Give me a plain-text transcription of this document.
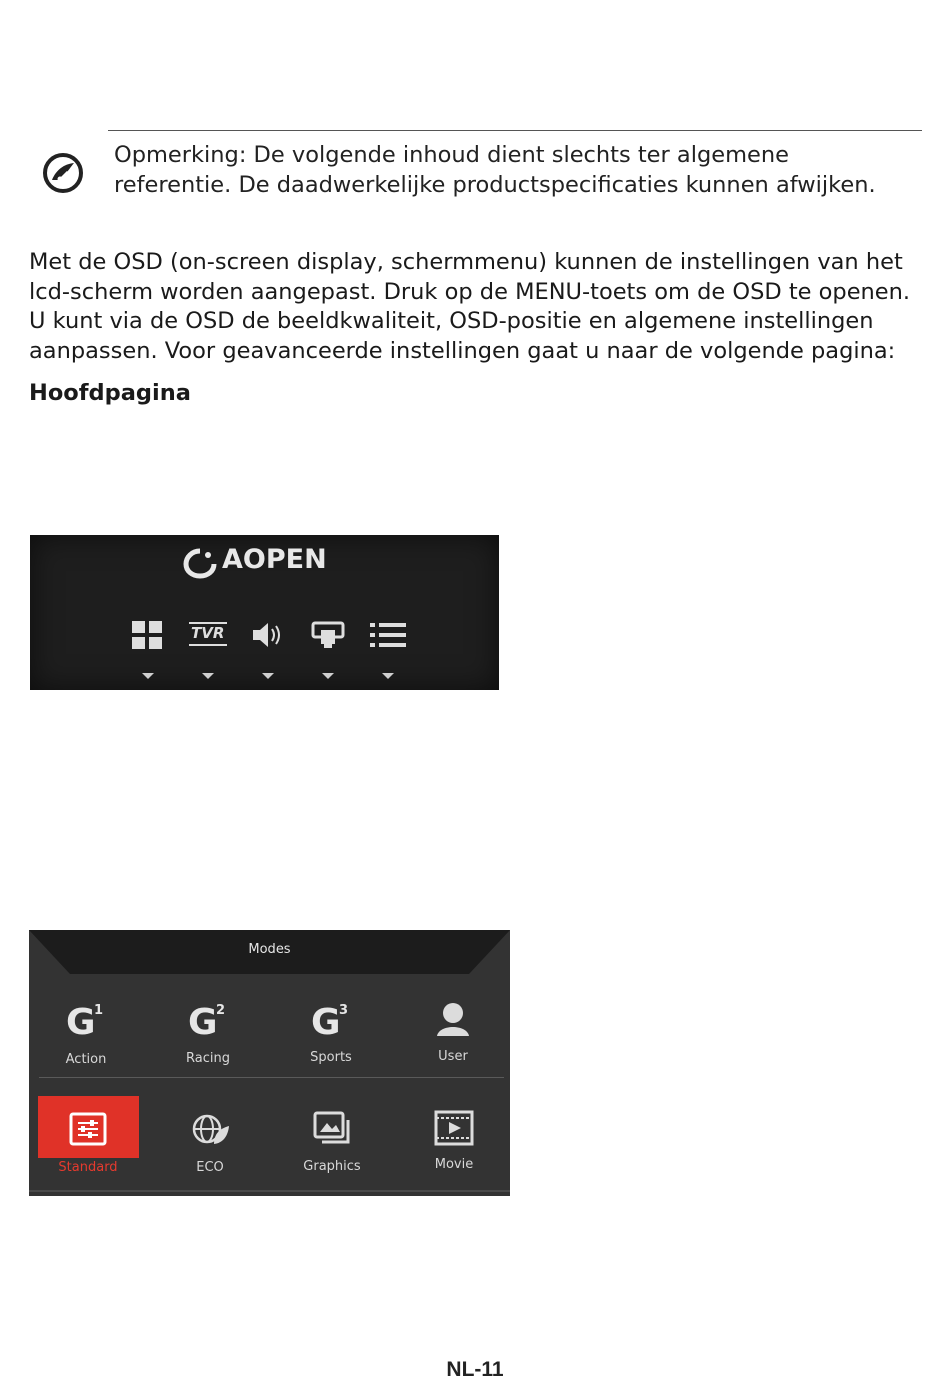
Opmerking: De volgende inhoud dient slechts ter algemene
referentie. De daadwerkelijke productspecificaties kunnen afwijken.
Met de OSD (on-screen display, schermmenu) kunnen de instellingen van het
lcd-scherm worden aangepast. Druk op de MENU-toets om de OSD te openen.
U kunt via de OSD de beeldkwaliteit, OSD-positie en algemene instellingen
aanpassen. Voor geavanceerde instellingen gaat u naar de volgende pagina:
Hoofdpagina
AOPEN
TVR
Modes
G
1
Action
G
2
Racing
G
3
Sports	User
Standard	ECO	Graphics	Movie
NL-11
